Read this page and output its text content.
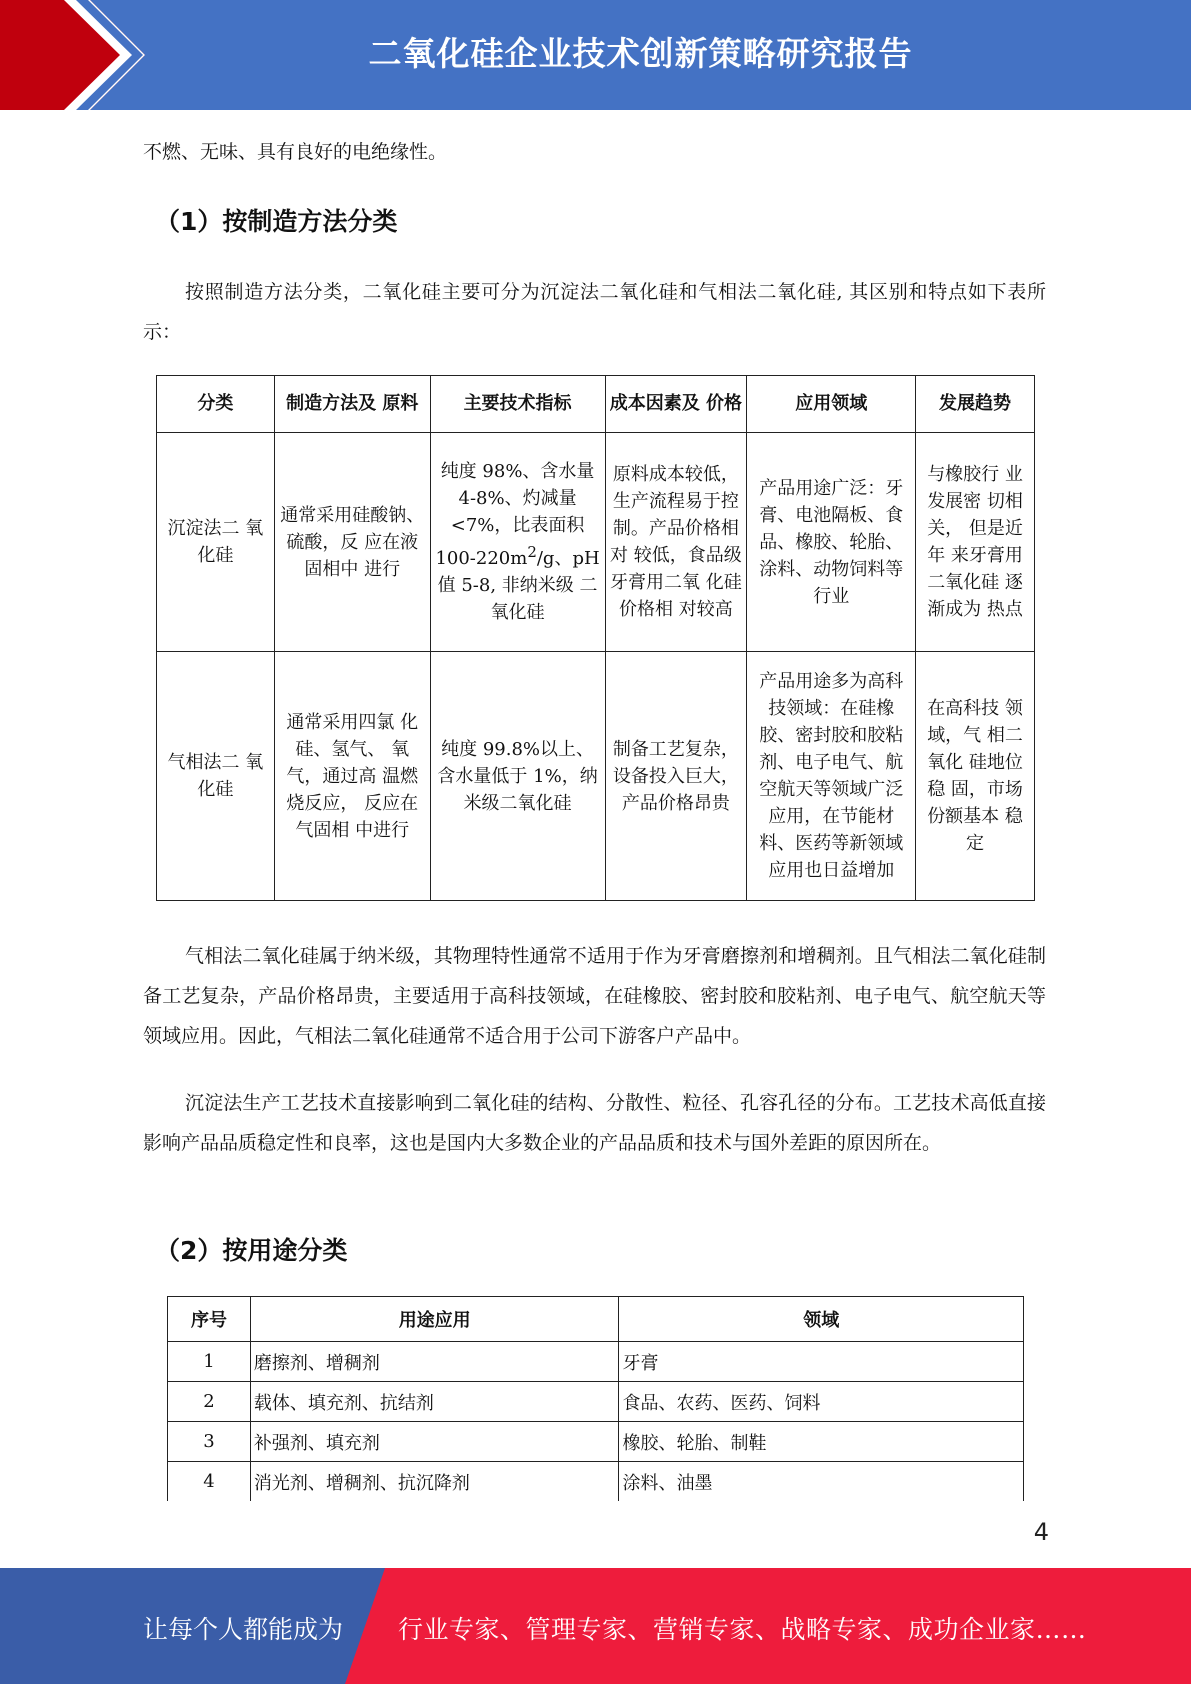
二氧化硅企业技术创新策略研究报告

不燃、无味、具有良好的电绝缘性。

（1）按制造方法分类

按照制造方法分类，二氧化硅主要可分为沉淀法二氧化硅和气相法二氧化硅, 其区别和特点如下表所示：

分类	制造方法及 原料	主要技术指标	成本因素及 价格	应用领域	发展趋势
沉淀法二 氧化硅	通常采用硅酸钠、硫酸，反 应在液固相中 进行	纯度 98%、含水量 4-8%、灼减量<7%，比表面积 $100-220m^2/g$、pH 值 5-8, 非纳米级 二氧化硅	原料成本较低，生产流程易于控制。产品价格相对 较低，食品级牙膏用二氧 化硅价格相 对较高	产品用途广泛：牙膏、电池隔板、食品、橡胶、轮胎、涂料、动物饲料等行业	与橡胶行 业发展密 切相关， 但是近年 来牙膏用二氧化硅 逐渐成为 热点
气相法二 氧化硅	通常采用四氯 化硅、氢气、 氧气，通过高 温燃烧反应， 反应在气固相 中进行	纯度 99.8%以上、含水量低于 1%，纳米级二氧化硅	制备工艺复杂，设备投入巨大，产品价格昂贵	产品用途多为高科技领域：在硅橡胶、密封胶和胶粘剂、电子电气、航空航天等领域广泛应用，在节能材料、医药等新领域应用也日益增加	在高科技 领域，气 相二氧化 硅地位稳 固，市场份额基本 稳定

气相法二氧化硅属于纳米级，其物理特性通常不适用于作为牙膏磨擦剂和增稠剂。且气相法二氧化硅制备工艺复杂，产品价格昂贵，主要适用于高科技领域，在硅橡胶、密封胶和胶粘剂、电子电气、航空航天等领域应用。因此，气相法二氧化硅通常不适合用于公司下游客户产品中。

沉淀法生产工艺技术直接影响到二氧化硅的结构、分散性、粒径、孔容孔径的分布。工艺技术高低直接影响产品品质稳定性和良率，这也是国内大多数企业的产品品质和技术与国外差距的原因所在。

（2）按用途分类
序号	用途应用	领域
1	磨擦剂、增稠剂	牙膏
2	载体、填充剂、抗结剂	食品、农药、医药、饲料
3	补强剂、填充剂	橡胶、轮胎、制鞋
4	消光剂、增稠剂、抗沉降剂	涂料、油墨
4
让每个人都能成为 行业专家、管理专家、营销专家、战略专家、成功企业家……
